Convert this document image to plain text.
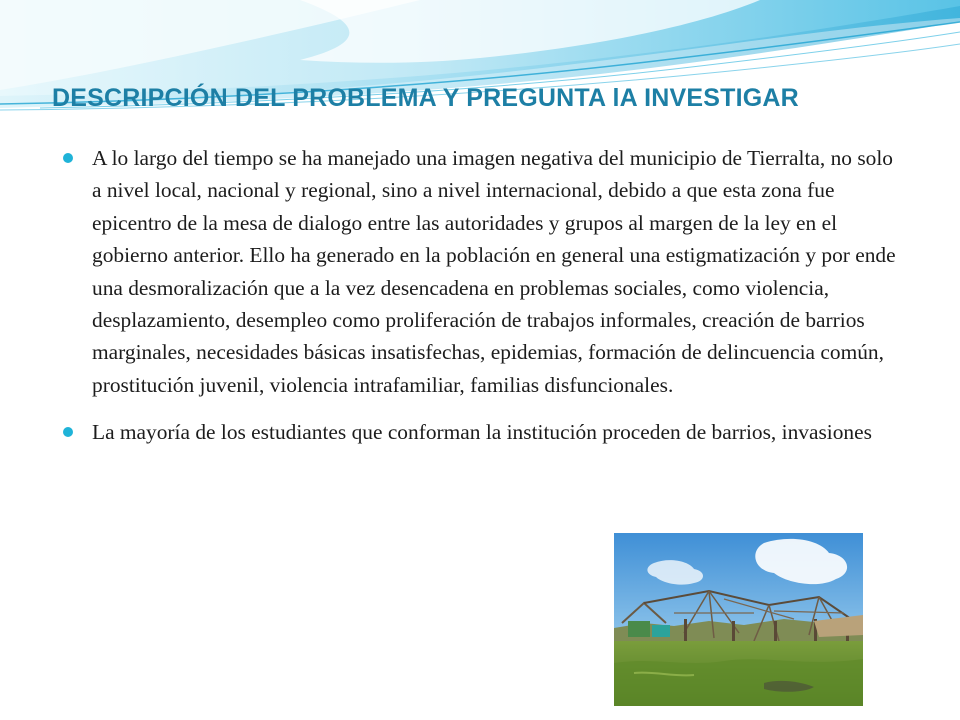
DESCRIPCIÓN DEL PROBLEMA Y PREGUNTA lA INVESTIGAR
A lo largo del tiempo se ha manejado una imagen negativa del municipio de Tierralta, no solo a nivel local, nacional y regional, sino a nivel internacional, debido a que esta zona fue epicentro de la mesa de dialogo entre las autoridades y grupos al margen de la ley en el gobierno anterior. Ello ha generado en la población en general una estigmatización y por ende una desmoralización que a la vez desencadena en problemas sociales, como violencia, desplazamiento, desempleo como proliferación de trabajos informales, creación de barrios marginales, necesidades básicas insatisfechas, epidemias, formación de delincuencia común, prostitución juvenil, violencia intrafamiliar, familias disfuncionales.
La mayoría de los estudiantes que conforman la institución proceden de barrios, invasiones
